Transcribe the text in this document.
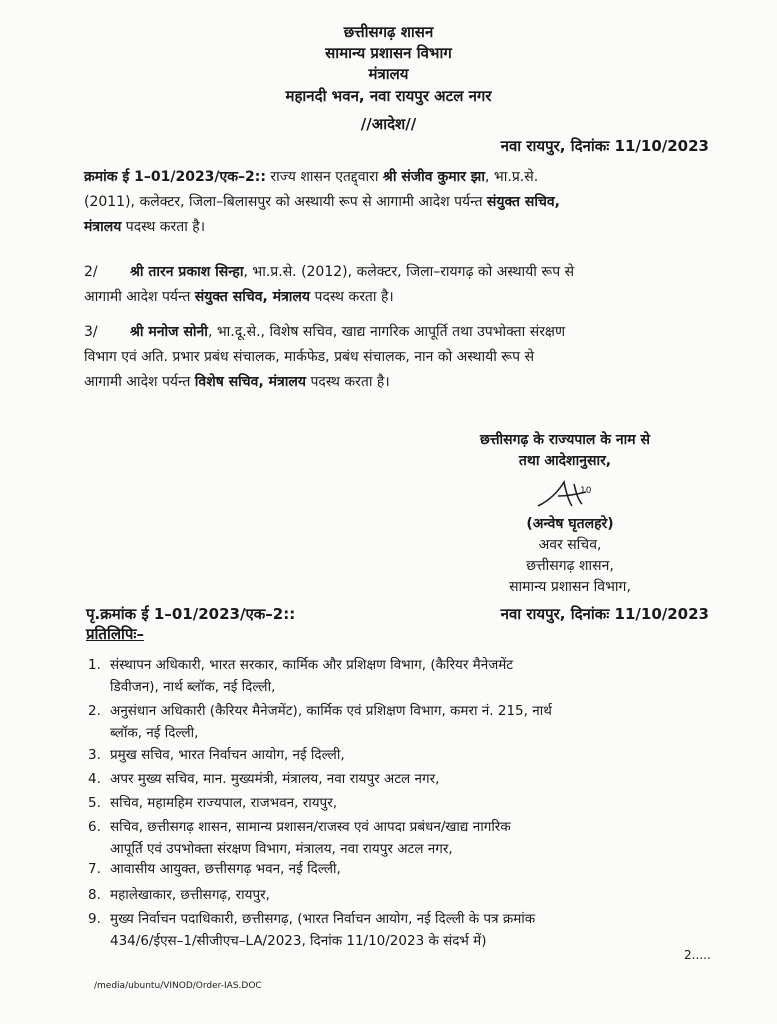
छत्तीसगढ़ शासन
सामान्य प्रशासन विभाग
मंत्रालय
महानदी भवन, नवा रायपुर अटल नगर
//आदेश//
नवा रायपुर, दिनांकः 11/10/2023
क्रमांक ई 1–01/2023/एक–2:: राज्य शासन एतद्द्वारा श्री संजीव कुमार झा, भा.प्र.से.
(2011), कलेक्टर, जिला–बिलासपुर को अस्थायी रूप से आगामी आदेश पर्यन्त संयुक्त सचिव,
मंत्रालय पदस्थ करता है।
2/ श्री तारन प्रकाश सिन्हा, भा.प्र.से. (2012), कलेक्टर, जिला–रायगढ़ को अस्थायी रूप से
आगामी आदेश पर्यन्त संयुक्त सचिव, मंत्रालय पदस्थ करता है।
3/ श्री मनोज सोनी, भा.दू.से., विशेष सचिव, खाद्य नागरिक आपूर्ति तथा उपभोक्ता संरक्षण
विभाग एवं अति. प्रभार प्रबंध संचालक, मार्कफेड, प्रबंध संचालक, नान को अस्थायी रूप से
आगामी आदेश पर्यन्त विशेष सचिव, मंत्रालय पदस्थ करता है।
छत्तीसगढ़ के राज्यपाल के नाम से
तथा आदेशानुसार,
10
(अन्वेष घृतलहरे)
अवर सचिव,
छत्तीसगढ़ शासन,
सामान्य प्रशासन विभाग,
पृ.क्रमांक ई 1–01/2023/एक–2::	नवा रायपुर, दिनांकः 11/10/2023
प्रतिलिपिः–
1. संस्थापन अधिकारी, भारत सरकार, कार्मिक और प्रशिक्षण विभाग, (कैरियर मैनेजमेंट
डिवीजन), नार्थ ब्लॉक, नई दिल्ली,
2. अनुसंधान अधिकारी (कैरियर मैनेजमेंट), कार्मिक एवं प्रशिक्षण विभाग, कमरा नं. 215, नार्थ
ब्लॉक, नई दिल्ली,
3. प्रमुख सचिव, भारत निर्वाचन आयोग, नई दिल्ली,
4. अपर मुख्य सचिव, मान. मुख्यमंत्री, मंत्रालय, नवा रायपुर अटल नगर,
5. सचिव, महामहिम राज्यपाल, राजभवन, रायपुर,
6. सचिव, छत्तीसगढ़ शासन, सामान्य प्रशासन/राजस्व एवं आपदा प्रबंधन/खाद्य नागरिक
आपूर्ति एवं उपभोक्ता संरक्षण विभाग, मंत्रालय, नवा रायपुर अटल नगर,
7. आवासीय आयुक्त, छत्तीसगढ़ भवन, नई दिल्ली,
8. महालेखाकार, छत्तीसगढ़, रायपुर,
9. मुख्य निर्वाचन पदाधिकारी, छत्तीसगढ़, (भारत निर्वाचन आयोग, नई दिल्ली के पत्र क्रमांक
434/6/ईएस–1/सीजीएच–LA/2023, दिनांक 11/10/2023 के संदर्भ में)
2.....
/media/ubuntu/VINOD/Order-IAS.DOC
